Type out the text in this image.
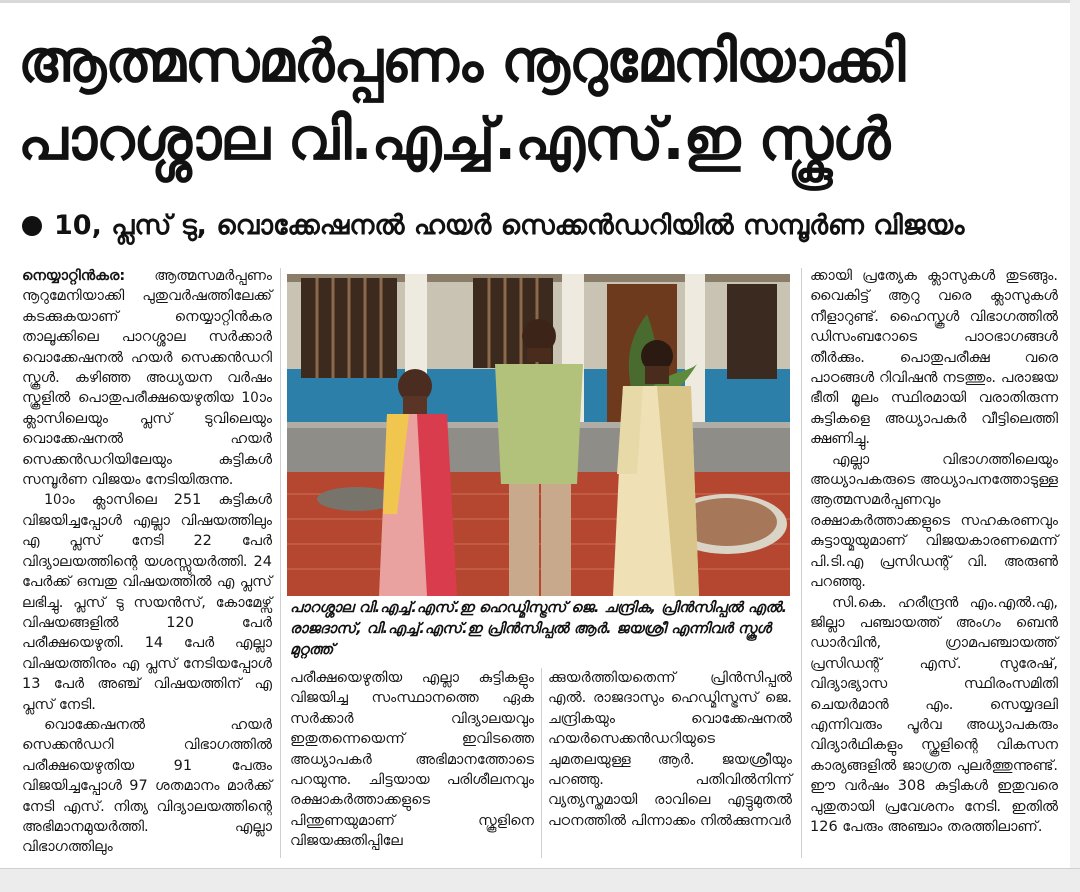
ആത്മസമർപ്പണം നൂറുമേനിയാക്കി
പാറശ്ശാല വി.എച്ച്.എസ്.ഇ സ്കൂൾ
10, പ്ലസ് ടു, വൊക്കേഷനൽ ഹയർ സെക്കൻഡറിയിൽ സമ്പൂർണ വിജയം

നെയ്യാറ്റിൻകര: ആത്മസമർപ്പണം നൂറുമേനിയാക്കി പുതുവർഷത്തിലേക്ക് കടക്കുകയാണ് നെയ്യാറ്റിൻകര താലൂക്കിലെ പാറശ്ശാല സർക്കാർ വൊക്കേഷനൽ ഹയർ സെക്കൻഡറി സ്കൂൾ. കഴിഞ്ഞ അധ്യയന വർഷം സ്കൂളിൽ പൊതുപരീക്ഷയെഴുതിയ 10ാം ക്ലാസിലെയും പ്ലസ് ടുവിലെയും വൊക്കേഷനൽ ഹയർ സെക്കൻഡറിയിലേയും കുട്ടികൾ സമ്പൂർണ വിജയം നേടിയിരുന്നു.

10ാം ക്ലാസിലെ 251 കുട്ടികൾ വിജയിച്ചപ്പോൾ എല്ലാ വിഷയത്തിലും എ പ്ലസ് നേടി 22 പേർ വിദ്യാലയത്തിന്റെ യശസ്സുയർത്തി. 24 പേർക്ക് ഒമ്പതു വിഷയത്തിൽ എ പ്ലസ് ലഭിച്ചു. പ്ലസ് ടു സയൻസ്, കോമേഴ്സ് വിഷയങ്ങളിൽ 120 പേർ പരീക്ഷയെഴുതി. 14 പേർ എല്ലാ വിഷയത്തിനും എ പ്ലസ് നേടിയപ്പോൾ 13 പേർ അഞ്ച് വിഷയത്തിന് എ പ്ലസ് നേടി.

വൊക്കേഷനൽ ഹയർ സെക്കൻഡറി വിഭാഗത്തിൽ പരീക്ഷയെഴുതിയ 91 പേരും വിജയിച്ചപ്പോൾ 97 ശതമാനം മാർക്ക് നേടി എസ്. നിത്യ വിദ്യാലയത്തിന്റെ അഭിമാനമുയർത്തി. എല്ലാ വിഭാഗത്തിലും

പാറശ്ശാല വി.എച്ച്.എസ്.ഇ ഹെഡ്മിസ്ട്രസ് ജെ. ചന്ദ്രിക, പ്രിൻസിപ്പൽ എൽ. രാജദാസ്, വി.എച്ച്.എസ്.ഇ പ്രിൻസിപ്പൽ ആർ. ജയശ്രീ എന്നിവർ സ്കൂൾ മുറ്റത്ത്

പരീക്ഷയെഴുതിയ എല്ലാ കുട്ടികളും വിജയിച്ച സംസ്ഥാനത്തെ ഏക സർക്കാർ വിദ്യാലയവും ഇതുതന്നെയെന്ന് ഇവിടത്തെ അധ്യാപകർ അഭിമാനത്തോടെ പറയുന്നു. ചിട്ടയായ പരിശീലനവും രക്ഷാകർത്താക്കളുടെ പിന്തുണയുമാണ് സ്കൂളിനെ വിജയക്കുതിപ്പിലേ

ക്കുയർത്തിയതെന്ന് പ്രിൻസിപ്പൽ എൽ. രാജദാസും ഹെഡ്മിസ്ട്രസ് ജെ. ചന്ദ്രികയും വൊക്കേഷനൽ ഹയർസെക്കൻഡറിയുടെ ചുമതലയുള്ള ആർ. ജയശ്രീയും പറഞ്ഞു. പതിവിൽനിന്ന് വ്യത്യസ്തമായി രാവിലെ എട്ടുമുതൽ പഠനത്തിൽ പിന്നാക്കം നിൽക്കുന്നവർ

ക്കായി പ്രത്യേക ക്ലാസുകൾ തുടങ്ങും. വൈകിട്ട് ആറു വരെ ക്ലാസുകൾ നീളാറുണ്ട്. ഹൈസ്കൂൾ വിഭാഗത്തിൽ ഡിസംബറോടെ പാഠഭാഗങ്ങൾ തീർക്കും. പൊതുപരീക്ഷ വരെ പാഠങ്ങൾ റിവിഷൻ നടത്തും. പരാജയ ഭീതി മൂലം സ്ഥിരമായി വരാതിരുന്ന കുട്ടികളെ അധ്യാപകർ വീട്ടിലെത്തി ക്ഷണിച്ചു.

എല്ലാ വിഭാഗത്തിലെയും അധ്യാപകരുടെ അധ്യാപനത്തോടുള്ള ആത്മസമർപ്പണവും രക്ഷാകർത്താക്കളുടെ സഹകരണവും കുട്ടായ്മയുമാണ് വിജയകാരണമെന്ന് പി.ടി.എ പ്രസിഡന്റ് വി. അരുൺ പറഞ്ഞു.

സി.കെ. ഹരീന്ദ്രൻ എം.എൽ.എ, ജില്ലാ പഞ്ചായത്ത് അംഗം ബെൻ ഡാർവിൻ, ഗ്രാമപഞ്ചായത്ത് പ്രസിഡന്റ് എസ്. സുരേഷ്, വിദ്യാഭ്യാസ സ്ഥിരംസമിതി ചെയർമാൻ എം. സെയ്യദലി എന്നിവരും പൂർവ അധ്യാപകരും വിദ്യാർഥികളും സ്കൂളിന്റെ വികസന കാര്യങ്ങളിൽ ജാഗ്രത പുലർത്തുന്നുണ്ട്. ഈ വർഷം 308 കുട്ടികൾ ഇതുവരെ പുതുതായി പ്രവേശനം നേടി. ഇതിൽ 126 പേരും അഞ്ചാം തരത്തിലാണ്.
